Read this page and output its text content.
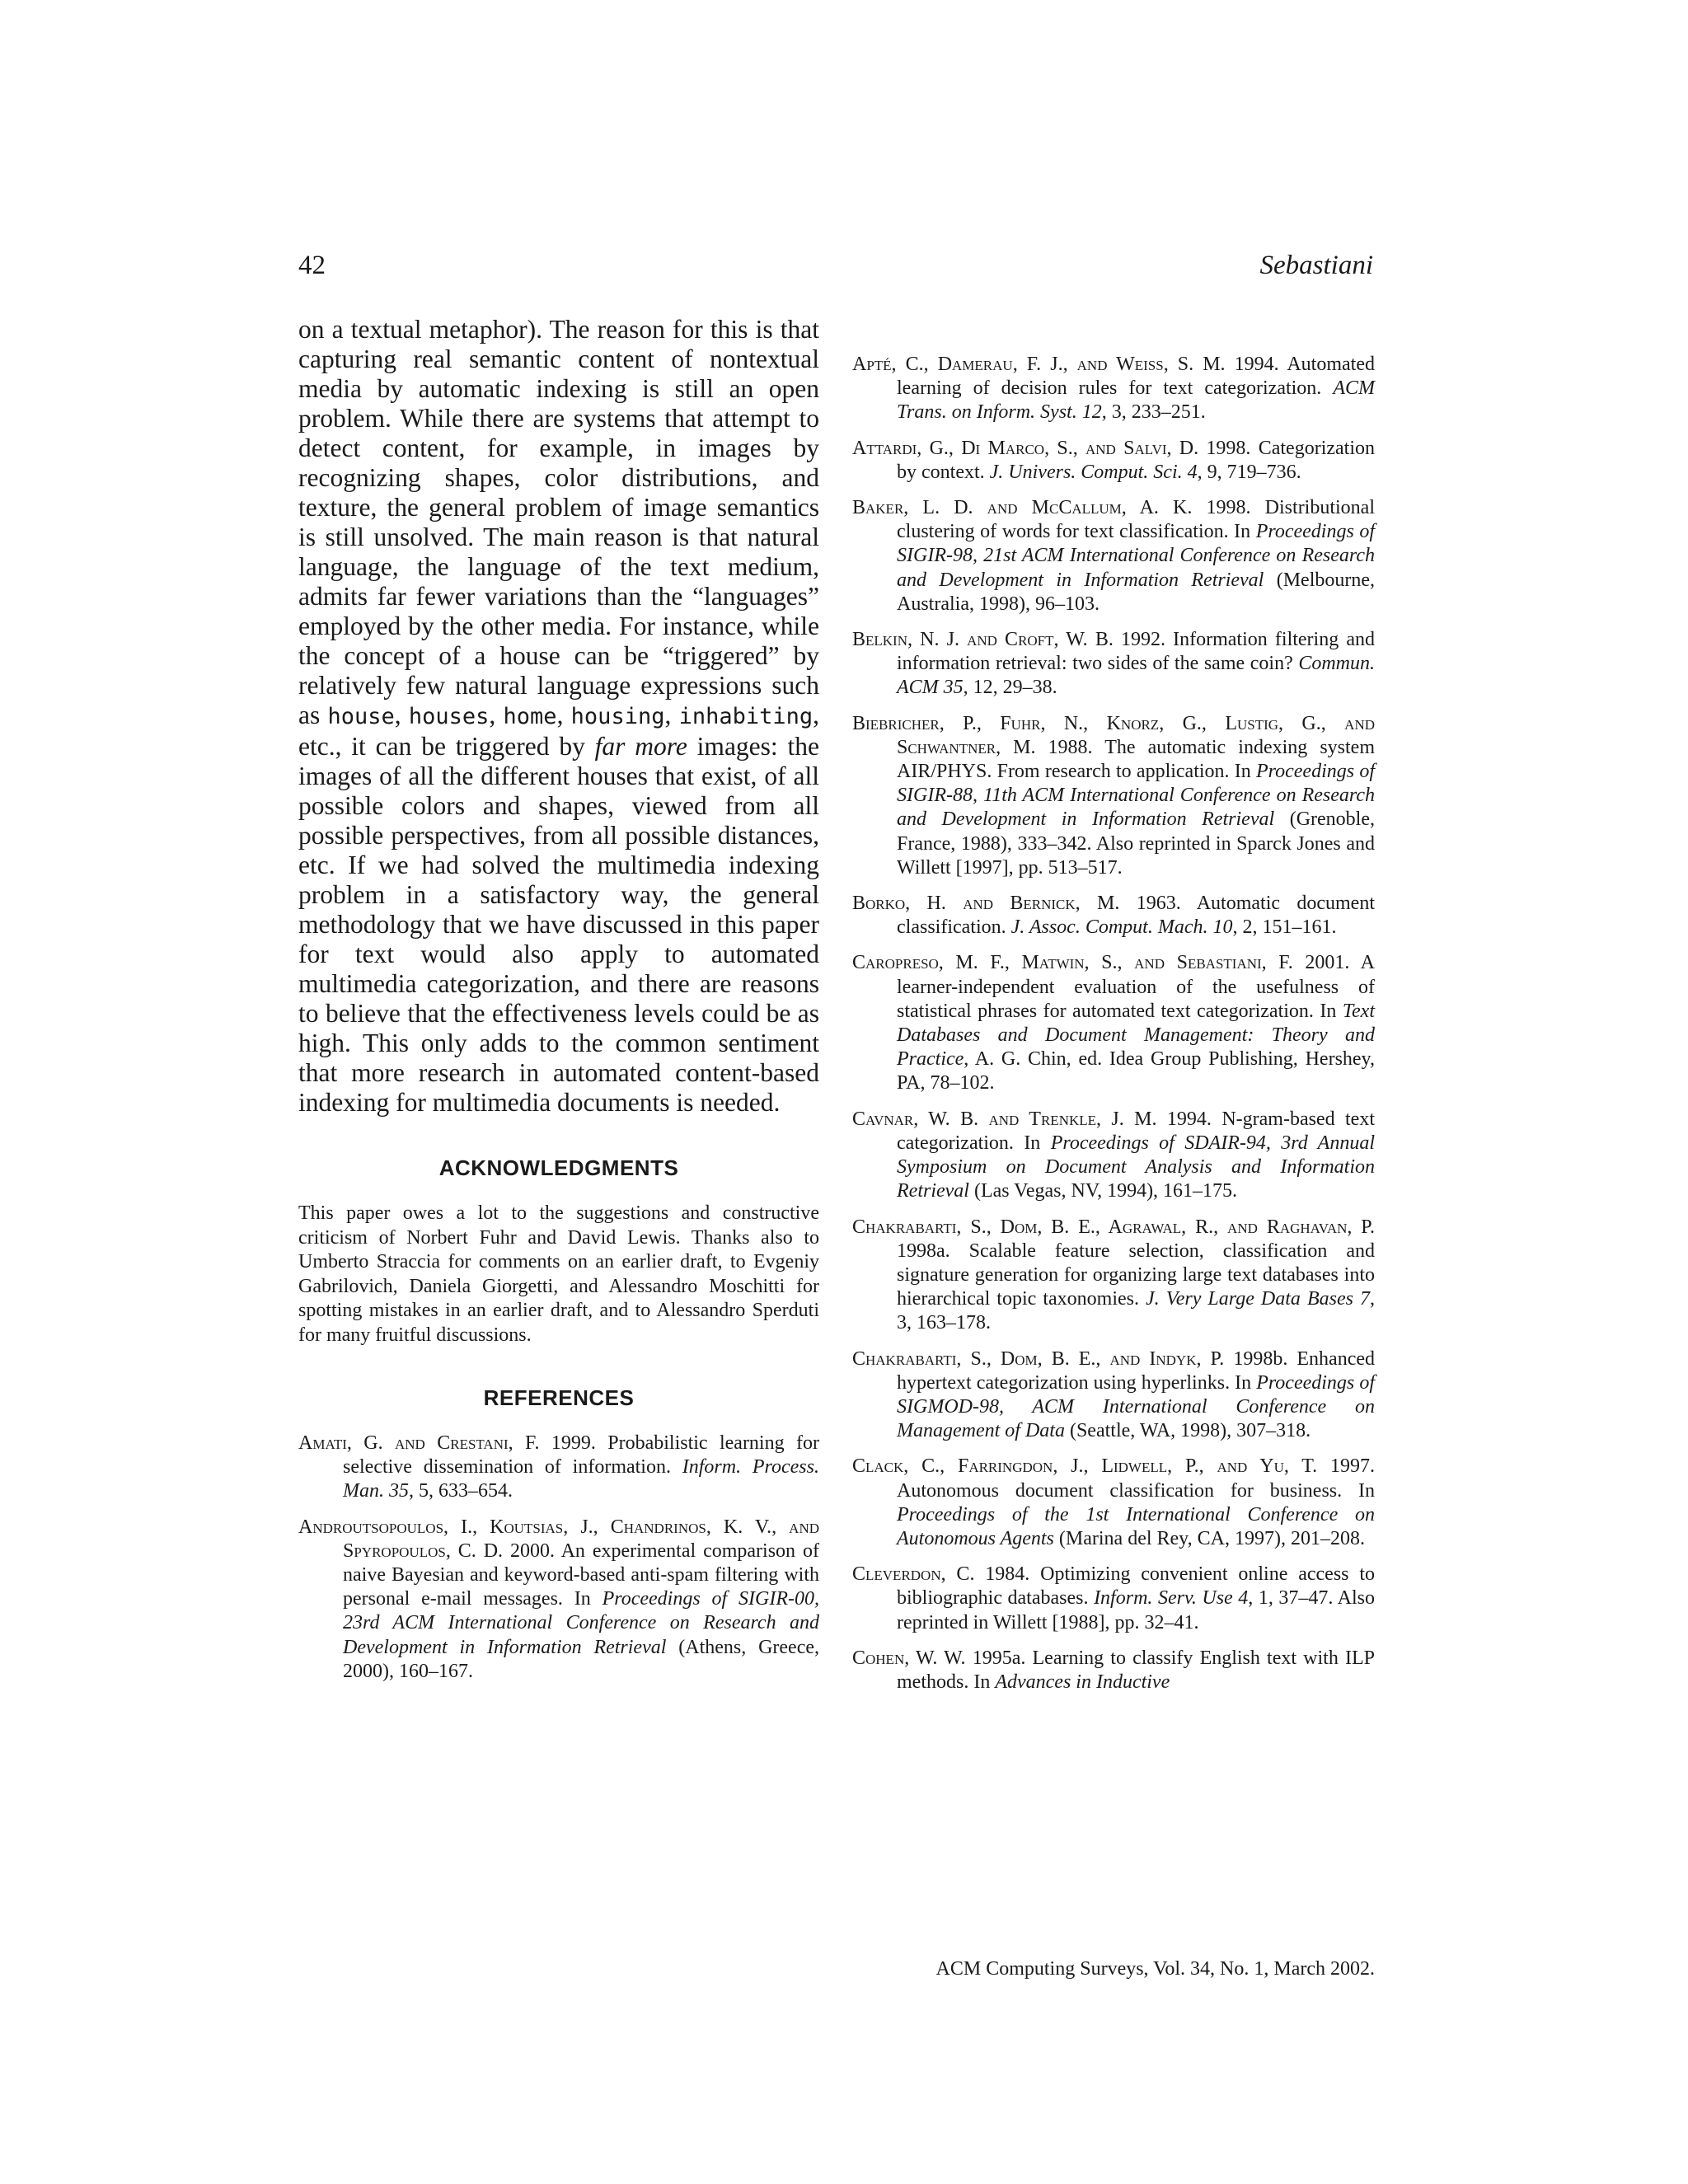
42	Sebastiani

on a textual metaphor). The reason for this is that capturing real semantic content of nontextual media by automatic indexing is still an open problem. While there are systems that attempt to detect content, for example, in images by recognizing shapes, color distributions, and texture, the general problem of image semantics is still unsolved. The main reason is that natural language, the language of the text medium, admits far fewer variations than the “languages” employed by the other media. For instance, while the concept of a house can be “triggered” by relatively few natural language expressions such as house, houses, home, housing, inhabiting, etc., it can be triggered by far more images: the images of all the different houses that exist, of all possible colors and shapes, viewed from all possible perspectives, from all possible distances, etc. If we had solved the multimedia indexing problem in a satisfactory way, the general methodology that we have discussed in this paper for text would also apply to automated multimedia categorization, and there are reasons to believe that the effectiveness levels could be as high. This only adds to the common sentiment that more research in automated content-based indexing for multimedia documents is needed.

ACKNOWLEDGMENTS

This paper owes a lot to the suggestions and constructive criticism of Norbert Fuhr and David Lewis. Thanks also to Umberto Straccia for comments on an earlier draft, to Evgeniy Gabrilovich, Daniela Giorgetti, and Alessandro Moschitti for spotting mistakes in an earlier draft, and to Alessandro Sperduti for many fruitful discussions.

REFERENCES
Amati, G. and Crestani, F. 1999. Probabilistic learning for selective dissemination of information. Inform. Process. Man. 35, 5, 633–654.
Androutsopoulos, I., Koutsias, J., Chandrinos, K. V., and Spyropoulos, C. D. 2000. An experimental comparison of naive Bayesian and keyword-based anti-spam filtering with personal e-mail messages. In Proceedings of SIGIR-00, 23rd ACM International Conference on Research and Development in Information Retrieval (Athens, Greece, 2000), 160–167.
Apté, C., Damerau, F. J., and Weiss, S. M. 1994. Automated learning of decision rules for text categorization. ACM Trans. on Inform. Syst. 12, 3, 233–251.
Attardi, G., Di Marco, S., and Salvi, D. 1998. Categorization by context. J. Univers. Comput. Sci. 4, 9, 719–736.
Baker, L. D. and McCallum, A. K. 1998. Distributional clustering of words for text classification. In Proceedings of SIGIR-98, 21st ACM International Conference on Research and Development in Information Retrieval (Melbourne, Australia, 1998), 96–103.
Belkin, N. J. and Croft, W. B. 1992. Information filtering and information retrieval: two sides of the same coin? Commun. ACM 35, 12, 29–38.
Biebricher, P., Fuhr, N., Knorz, G., Lustig, G., and Schwantner, M. 1988. The automatic indexing system AIR/PHYS. From research to application. In Proceedings of SIGIR-88, 11th ACM International Conference on Research and Development in Information Retrieval (Grenoble, France, 1988), 333–342. Also reprinted in Sparck Jones and Willett [1997], pp. 513–517.
Borko, H. and Bernick, M. 1963. Automatic document classification. J. Assoc. Comput. Mach. 10, 2, 151–161.
Caropreso, M. F., Matwin, S., and Sebastiani, F. 2001. A learner-independent evaluation of the usefulness of statistical phrases for automated text categorization. In Text Databases and Document Management: Theory and Practice, A. G. Chin, ed. Idea Group Publishing, Hershey, PA, 78–102.
Cavnar, W. B. and Trenkle, J. M. 1994. N-gram-based text categorization. In Proceedings of SDAIR-94, 3rd Annual Symposium on Document Analysis and Information Retrieval (Las Vegas, NV, 1994), 161–175.
Chakrabarti, S., Dom, B. E., Agrawal, R., and Raghavan, P. 1998a. Scalable feature selection, classification and signature generation for organizing large text databases into hierarchical topic taxonomies. J. Very Large Data Bases 7, 3, 163–178.
Chakrabarti, S., Dom, B. E., and Indyk, P. 1998b. Enhanced hypertext categorization using hyperlinks. In Proceedings of SIGMOD-98, ACM International Conference on Management of Data (Seattle, WA, 1998), 307–318.
Clack, C., Farringdon, J., Lidwell, P., and Yu, T. 1997. Autonomous document classification for business. In Proceedings of the 1st International Conference on Autonomous Agents (Marina del Rey, CA, 1997), 201–208.
Cleverdon, C. 1984. Optimizing convenient online access to bibliographic databases. Inform. Serv. Use 4, 1, 37–47. Also reprinted in Willett [1988], pp. 32–41.
Cohen, W. W. 1995a. Learning to classify English text with ILP methods. In Advances in Inductive
ACM Computing Surveys, Vol. 34, No. 1, March 2002.
